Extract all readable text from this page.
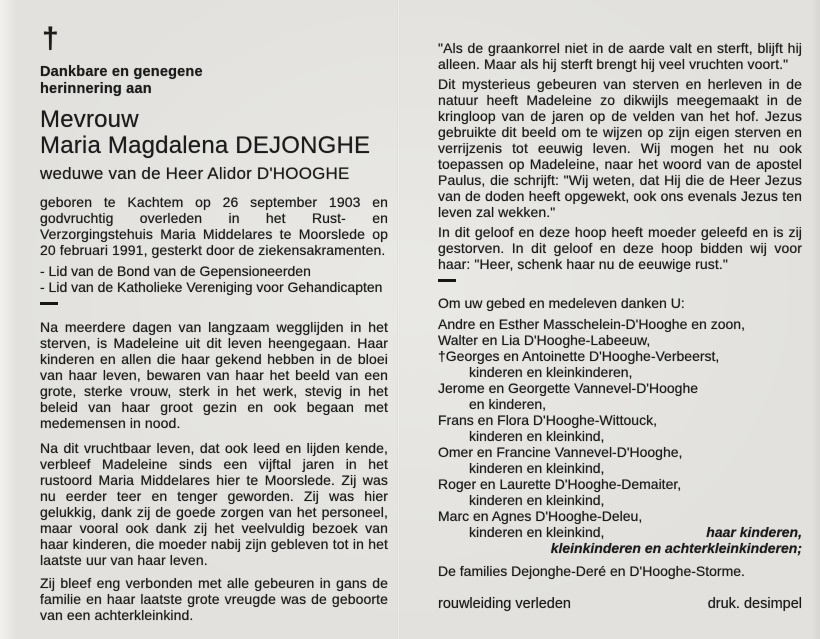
†
Dankbare en genegene
herinnering aan
Mevrouw
Maria Magdalena DEJONGHE
weduwe van de Heer Alidor D'HOOGHE
geboren te Kachtem op 26 september 1903 en godvruchtig overleden in het Rust- en Verzorgingstehuis Maria Middelares te Moorslede op 20 februari 1991, gesterkt door de ziekensakramenten.
- Lid van de Bond van de Gepensioneerden
- Lid van de Katholieke Vereniging voor Gehandicapten
Na meerdere dagen van langzaam wegglijden in het sterven, is Madeleine uit dit leven heengegaan. Haar kinderen en allen die haar gekend hebben in de bloei van haar leven, bewaren van haar het beeld van een grote, sterke vrouw, sterk in het werk, stevig in het beleid van haar groot gezin en ook begaan met medemensen in nood.
Na dit vruchtbaar leven, dat ook leed en lijden kende, verbleef Madeleine sinds een vijftal jaren in het rustoord Maria Middelares hier te Moorslede. Zij was nu eerder teer en tenger geworden. Zij was hier gelukkig, dank zij de goede zorgen van het personeel, maar vooral ook dank zij het veelvuldig bezoek van haar kinderen, die moeder nabij zijn gebleven tot in het laatste uur van haar leven.
Zij bleef eng verbonden met alle gebeuren in gans de familie en haar laatste grote vreugde was de geboorte van een achterkleinkind.
"Als de graankorrel niet in de aarde valt en sterft, blijft hij alleen. Maar als hij sterft brengt hij veel vruchten voort."
Dit mysterieus gebeuren van sterven en herleven in de natuur heeft Madeleine zo dikwijls meegemaakt in de kringloop van de jaren op de velden van het hof. Jezus gebruikte dit beeld om te wijzen op zijn eigen sterven en verrijzenis tot eeuwig leven. Wij mogen het nu ook toepassen op Madeleine, naar het woord van de apostel Paulus, die schrijft: "Wij weten, dat Hij die de Heer Jezus van de doden heeft opgewekt, ook ons evenals Jezus ten leven zal wekken."
In dit geloof en deze hoop heeft moeder geleefd en is zij gestorven. In dit geloof en deze hoop bidden wij voor haar: "Heer, schenk haar nu de eeuwige rust."
Om uw gebed en medeleven danken U:
Andre en Esther Masschelein-D'Hooghe en zoon,
Walter en Lia D'Hooghe-Labeeuw,
†Georges en Antoinette D'Hooghe-Verbeerst,
kinderen en kleinkinderen,
Jerome en Georgette Vannevel-D'Hooghe
en kinderen,
Frans en Flora D'Hooghe-Wittouck,
kinderen en kleinkind,
Omer en Francine Vannevel-D'Hooghe,
kinderen en kleinkind,
Roger en Laurette D'Hooghe-Demaiter,
kinderen en kleinkind,
Marc en Agnes D'Hooghe-Deleu,
kinderen en kleinkind,	haar kinderen,
kleinkinderen en achterkleinkinderen;
De families Dejonghe-Deré en D'Hooghe-Storme.
rouwleiding verleden	druk. desimpel
